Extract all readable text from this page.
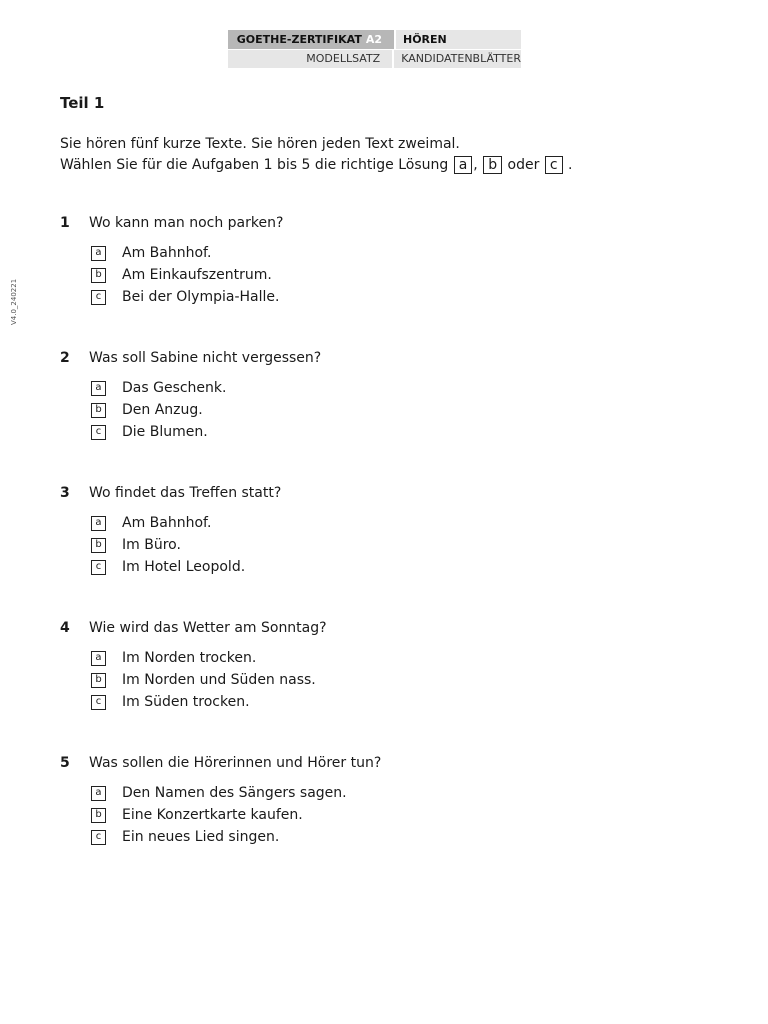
GOETHE-ZERTIFIKAT A2	HÖREN
MODELLSATZ	KANDIDATENBLÄTTER
V4.0_240221
Teil 1
Sie hören fünf kurze Texte. Sie hören jeden Text zweimal.
Wählen Sie für die Aufgaben 1 bis 5 die richtige Lösung a , b oder c .
1	Wo kann man noch parken?
a	Am Bahnhof.
b	Am Einkaufszentrum.
c	Bei der Olympia-Halle.
2	Was soll Sabine nicht vergessen?
a	Das Geschenk.
b	Den Anzug.
c	Die Blumen.
3	Wo findet das Treffen statt?
a	Am Bahnhof.
b	Im Büro.
c	Im Hotel Leopold.
4	Wie wird das Wetter am Sonntag?
a	Im Norden trocken.
b	Im Norden und Süden nass.
c	Im Süden trocken.
5	Was sollen die Hörerinnen und Hörer tun?
a	Den Namen des Sängers sagen.
b	Eine Konzertkarte kaufen.
c	Ein neues Lied singen.
